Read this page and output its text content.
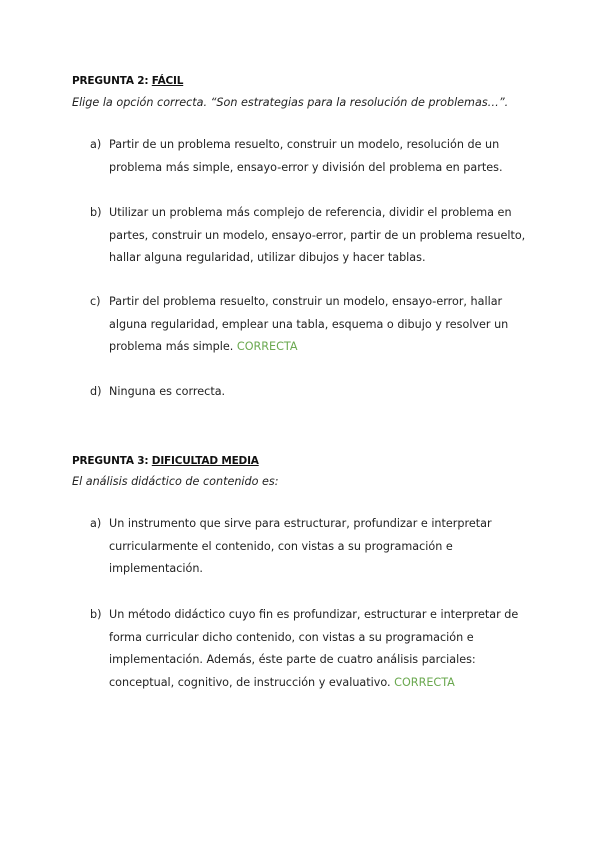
PREGUNTA 2: FÁCIL
Elige la opción correcta. “Son estrategias para la resolución de problemas…”.
a) Partir de un problema resuelto, construir un modelo, resolución de un problema más simple, ensayo-error y división del problema en partes.
b) Utilizar un problema más complejo de referencia, dividir el problema en partes, construir un modelo, ensayo-error, partir de un problema resuelto, hallar alguna regularidad, utilizar dibujos y hacer tablas.
c) Partir del problema resuelto, construir un modelo, ensayo-error, hallar alguna regularidad, emplear una tabla, esquema o dibujo y resolver un problema más simple. CORRECTA
d) Ninguna es correcta.
PREGUNTA 3: DIFICULTAD MEDIA
El análisis didáctico de contenido es:
a) Un instrumento que sirve para estructurar, profundizar e interpretar curricularmente el contenido, con vistas a su programación e implementación.
b) Un método didáctico cuyo fin es profundizar, estructurar e interpretar de forma curricular dicho contenido, con vistas a su programación e implementación. Además, éste parte de cuatro análisis parciales: conceptual, cognitivo, de instrucción y evaluativo. CORRECTA
